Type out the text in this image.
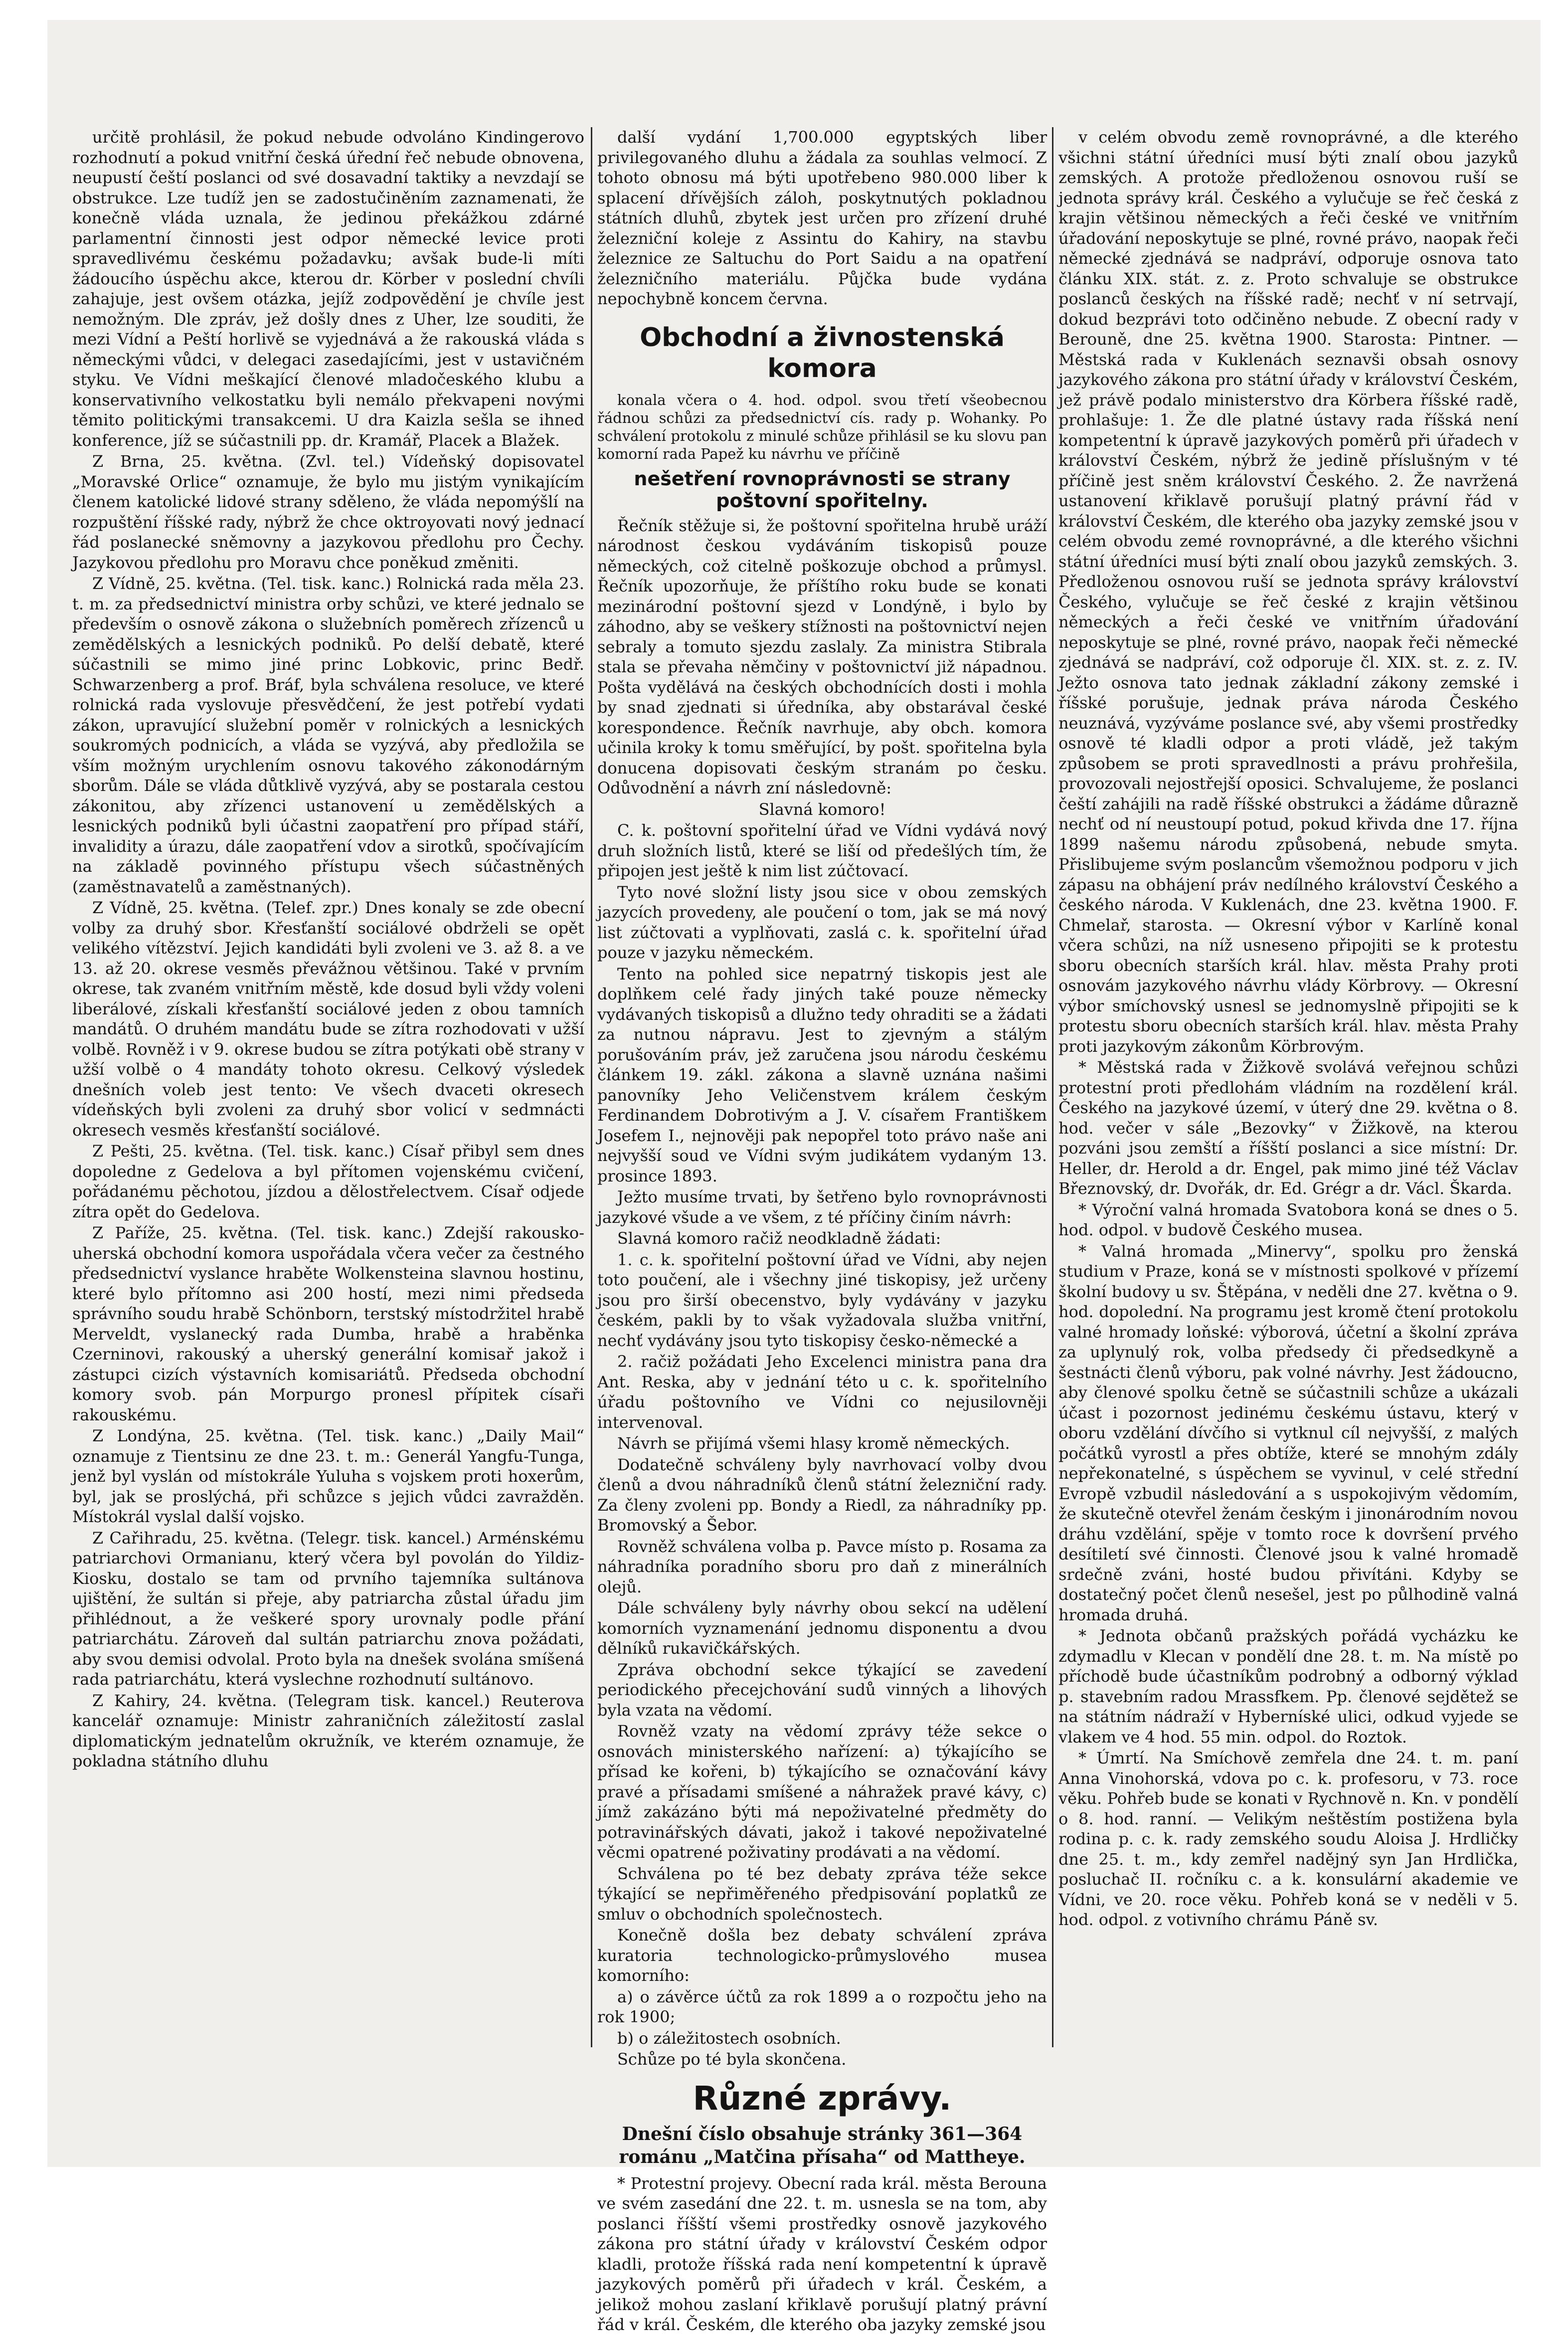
určitě prohlásil, že pokud nebude odvoláno Kindingerovo rozhodnutí a pokud vnitřní česká úřední řeč nebude obnovena, neupustí čeští poslanci od své dosavadní taktiky a nevzdají se obstrukce. Lze tudíž jen se zadostučiněním zaznamenati, že konečně vláda uznala, že jedinou překážkou zdárné parlamentní činnosti jest odpor německé levice proti spravedlivému českému požadavku; avšak bude-li míti žádoucího úspěchu akce, kterou dr. Körber v poslední chvíli zahajuje, jest ovšem otázka, jejíž zodpovědění je chvíle jest nemožným. Dle zpráv, jež došly dnes z Uher, lze souditi, že mezi Vídní a Peští horlivě se vyjednává a že rakouská vláda s německými vůdci, v delegaci zasedajícími, jest v ustavičném styku. Ve Vídni meškající členové mladočeského klubu a konservativního velkostatku byli nemálo překvapeni novými těmito politickými transakcemi. U dra Kaizla sešla se ihned konference, jíž se súčastnili pp. dr. Kramář, Placek a Blažek.

Z Brna, 25. května. (Zvl. tel.) Vídeňský dopisovatel „Moravské Orlice“ oznamuje, že bylo mu jistým vynikajícím členem katolické lidové strany sděleno, že vláda nepomýšlí na rozpuštění říšské rady, nýbrž že chce oktroyovati nový jednací řád poslanecké sněmovny a jazykovou předlohu pro Čechy. Jazykovou předlohu pro Moravu chce poněkud změniti.

Z Vídně, 25. května. (Tel. tisk. kanc.) Rolnická rada měla 23. t. m. za předsednictví ministra orby schůzi, ve které jednalo se především o osnově zákona o služebních poměrech zřízenců u zemědělských a lesnických podniků. Po delší debatě, které súčastnili se mimo jiné princ Lobkovic, princ Bedř. Schwarzenberg a prof. Bráf, byla schválena resoluce, ve které rolnická rada vyslovuje přesvědčení, že jest potřebí vydati zákon, upravující služební poměr v rolnických a lesnických soukromých podnicích, a vláda se vyzývá, aby předložila se vším možným urychlením osnovu takového zákonodárným sborům. Dále se vláda důtklivě vyzývá, aby se postarala cestou zákonitou, aby zřízenci ustanovení u zemědělských a lesnických podniků byli účastni zaopatření pro případ stáří, invalidity a úrazu, dále zaopatření vdov a sirotků, spočívajícím na základě povinného přístupu všech súčastněných (zaměstnavatelů a zaměstnaných).

Z Vídně, 25. května. (Telef. zpr.) Dnes konaly se zde obecní volby za druhý sbor. Křesťanští sociálové obdrželi se opět velikého vítězství. Jejich kandidáti byli zvoleni ve 3. až 8. a ve 13. až 20. okrese vesměs převážnou většinou. Také v prvním okrese, tak zvaném vnitřním městě, kde dosud byli vždy voleni liberálové, získali křesťanští sociálové jeden z obou tamních mandátů. O druhém mandátu bude se zítra rozhodovati v užší volbě. Rovněž i v 9. okrese budou se zítra potýkati obě strany v užší volbě o 4 mandáty tohoto okresu. Celkový výsledek dnešních voleb jest tento: Ve všech dvaceti okresech vídeňských byli zvoleni za druhý sbor volicí v sedmnácti okresech vesměs křesťanští sociálové.

Z Pešti, 25. května. (Tel. tisk. kanc.) Císař přibyl sem dnes dopoledne z Gedelova a byl přítomen vojenskému cvičení, pořádanému pěchotou, jízdou a dělostřelectvem. Císař odjede zítra opět do Gedelova.

Z Paříže, 25. května. (Tel. tisk. kanc.) Zdejší rakousko-uherská obchodní komora uspořádala včera večer za čestného předsednictví vyslance hraběte Wolkensteina slavnou hostinu, které bylo přítomno asi 200 hostí, mezi nimi předseda správního soudu hrabě Schönborn, terstský místodržitel hrabě Merveldt, vyslanecký rada Dumba, hrabě a hraběnka Czerninovi, rakouský a uherský generální komisař jakož i zástupci cizích výstavních komisariátů. Předseda obchodní komory svob. pán Morpurgo pronesl přípitek císaři rakouskému.

Z Londýna, 25. května. (Tel. tisk. kanc.) „Daily Mail“ oznamuje z Tientsinu ze dne 23. t. m.: Generál Yangfu-Tunga, jenž byl vyslán od místokrále Yuluha s vojskem proti hoxerům, byl, jak se proslýchá, při schůzce s jejich vůdci zavražděn. Místokrál vyslal další vojsko.

Z Cařihradu, 25. května. (Telegr. tisk. kancel.) Arménskému patriarchovi Ormanianu, který včera byl povolán do Yildiz-Kiosku, dostalo se tam od prvního tajemníka sultánova ujištění, že sultán si přeje, aby patriarcha zůstal úřadu jim přihlédnout, a že veškeré spory urovnaly podle přání patriarchátu. Zároveň dal sultán patriarchu znova požádati, aby svou demisi odvolal. Proto byla na dnešek svolána smíšená rada patriarchátu, která vyslechne rozhodnutí sultánovo.

Z Kahiry, 24. května. (Telegram tisk. kancel.) Reuterova kancelář oznamuje: Ministr zahraničních záležitostí zaslal diplomatickým jednatelům okružník, ve kterém oznamuje, že pokladna státního dluhu

další vydání 1,700.000 egyptských liber privilegovaného dluhu a žádala za souhlas velmocí. Z tohoto obnosu má býti upotřebeno 980.000 liber k splacení dřívějších záloh, poskytnutých pokladnou státních dluhů, zbytek jest určen pro zřízení druhé železniční koleje z Assintu do Kahiry, na stavbu železnice ze Saltuchu do Port Saidu a na opatření železničního materiálu. Půjčka bude vydána nepochybně koncem června.

Obchodní a živnostenská komora

konala včera o 4. hod. odpol. svou třetí všeobecnou řádnou schůzi za předsednictví cís. rady p. Wohanky. Po schválení protokolu z minulé schůze přihlásil se ku slovu pan komorní rada Papež ku návrhu ve příčině

nešetření rovnoprávnosti se strany poštovní spořitelny.

Řečník stěžuje si, že poštovní spořitelna hrubě uráží národnost českou vydáváním tiskopisů pouze německých, což citelně poškozuje obchod a průmysl. Řečník upozorňuje, že příštího roku bude se konati mezinárodní poštovní sjezd v Londýně, i bylo by záhodno, aby se veškery stížnosti na poštovnictví nejen sebraly a tomuto sjezdu zaslaly. Za ministra Stibrala stala se převaha němčiny v poštovnictví již nápadnou. Pošta vydělává na českých obchodnících dosti i mohla by snad zjednati si úředníka, aby obstarával české korespondence. Řečník navrhuje, aby obch. komora učinila kroky k tomu směřující, by pošt. spořitelna byla donucena dopisovati českým stranám po česku. Odůvodnění a návrh zní následovně:

Slavná komoro!

C. k. poštovní spořitelní úřad ve Vídni vydává nový druh složních listů, které se liší od předešlých tím, že připojen jest ještě k nim list zúčtovací.

Tyto nové složní listy jsou sice v obou zemských jazycích provedeny, ale poučení o tom, jak se má nový list zúčtovati a vyplňovati, zaslá c. k. spořitelní úřad pouze v jazyku německém.

Tento na pohled sice nepatrný tiskopis jest ale doplňkem celé řady jiných také pouze německy vydávaných tiskopisů a dlužno tedy ohraditi se a žádati za nutnou nápravu. Jest to zjevným a stálým porušováním práv, jež zaručena jsou národu českému článkem 19. zákl. zákona a slavně uznána našimi panovníky Jeho Veličenstvem králem českým Ferdinandem Dobrotivým a J. V. císařem Františkem Josefem I., nejnověji pak nepopřel toto právo naše ani nejvyšší soud ve Vídni svým judikátem vydaným 13. prosince 1893.

Ježto musíme trvati, by šetřeno bylo rovnoprávnosti jazykové všude a ve všem, z té příčiny činím návrh:

Slavná komoro račiž neodkladně žádati:

1. c. k. spořitelní poštovní úřad ve Vídni, aby nejen toto poučení, ale i všechny jiné tiskopisy, jež určeny jsou pro širší obecenstvo, byly vydávány v jazyku českém, pakli by to však vyžadovala služba vnitřní, nechť vydávány jsou tyto tiskopisy česko-německé a

2. račiž požádati Jeho Excelenci ministra pana dra Ant. Reska, aby v jednání této u c. k. spořitelního úřadu poštovního ve Vídni co nejusilovněji intervenoval.

Návrh se přijímá všemi hlasy kromě německých.

Dodatečně schváleny byly navrhovací volby dvou členů a dvou náhradníků členů státní železniční rady. Za členy zvoleni pp. Bondy a Riedl, za náhradníky pp. Bromovský a Šebor.

Rovněž schválena volba p. Pavce místo p. Rosama za náhradníka poradního sboru pro daň z minerálních olejů.

Dále schváleny byly návrhy obou sekcí na udělení komorních vyznamenání jednomu disponentu a dvou dělníků rukavičkářských.

Zpráva obchodní sekce týkající se zavedení periodického přecejchování sudů vinných a lihových byla vzata na vědomí.

Rovněž vzaty na vědomí zprávy téže sekce o osnovách ministerského nařízení: a) týkajícího se přísad ke kořeni, b) týkajícího se označování kávy pravé a přísadami smíšené a náhražek pravé kávy, c) jímž zakázáno býti má nepoživatelné předměty do potravinářských dávati, jakož i takové nepoživatelné věcmi opatrené poživatiny prodávati a na vědomí.

Schválena po té bez debaty zpráva téže sekce týkající se nepřiměřeného předpisování poplatků ze smluv o obchodních společnostech.

Konečně došla bez debaty schválení zpráva kuratoria technologicko-průmyslového musea komorního:

a) o závěrce účtů za rok 1899 a o rozpočtu jeho na rok 1900;

b) o záležitostech osobních.

Schůze po té byla skončena.

Různé zprávy.
Dnešní číslo obsahuje stránky 361—364 románu „Matčina přísaha“ od Mattheye.

* Protestní projevy. Obecní rada král. města Berouna ve svém zasedání dne 22. t. m. usnesla se na tom, aby poslanci říšští všemi prostředky osnově jazykového zákona pro státní úřady v království Českém odpor kladli, protože říšská rada není kompetentní k úpravě jazykových poměrů při úřadech v král. Českém, a jelikož mohou zaslaní křiklavě porušují platný právní řád v král. Českém, dle kterého oba jazyky zemské jsou

v celém obvodu země rovnoprávné, a dle kterého všichni státní úředníci musí býti znalí obou jazyků zemských. A protože předloženou osnovou ruší se jednota správy král. Českého a vylučuje se řeč česká z krajin většinou německých a řeči české ve vnitřním úřadování neposkytuje se plné, rovné právo, naopak řeči německé zjednává se nadpráví, odporuje osnova tato článku XIX. stát. z. z. Proto schvaluje se obstrukce poslanců českých na říšské radě; nechť v ní setrvají, dokud bezprávi toto odčiněno nebude. Z obecní rady v Berouně, dne 25. května 1900. Starosta: Pintner. — Městská rada v Kuklenách seznavši obsah osnovy jazykového zákona pro státní úřady v království Českém, jež právě podalo ministerstvo dra Körbera říšské radě, prohlašuje: 1. Že dle platné ústavy rada říšská není kompetentní k úpravě jazykových poměrů při úřadech v království Českém, nýbrž že jedině příslušným v té příčině jest sněm království Českého. 2. Že navržená ustanovení křiklavě porušují platný právní řád v království Českém, dle kterého oba jazyky zemské jsou v celém obvodu zemé rovnoprávné, a dle kterého všichni státní úředníci musí býti znalí obou jazyků zemských. 3. Předloženou osnovou ruší se jednota správy království Českého, vylučuje se řeč české z krajin většinou německých a řeči české ve vnitřním úřadování neposkytuje se plné, rovné právo, naopak řeči německé zjednává se nadpráví, což odporuje čl. XIX. st. z. z. IV. Ježto osnova tato jednak základní zákony zemské i říšské porušuje, jednak práva národa Českého neuznává, vyzýváme poslance své, aby všemi prostředky osnově té kladli odpor a proti vládě, jež takým způsobem se proti spravedlnosti a právu prohřešila, provozovali nejostřejší oposici. Schvalujeme, že poslanci čeští zahájili na radě říšské obstrukci a žádáme důrazně nechť od ní neustoupí potud, pokud křivda dne 17. října 1899 našemu národu způsobená, nebude smyta. Přislibujeme svým poslancům všemožnou podporu v jich zápasu na obhájení práv nedílného království Českého a českého národa. V Kuklenách, dne 23. května 1900. F. Chmelař, starosta. — Okresní výbor v Karlíně konal včera schůzi, na níž usneseno připojiti se k protestu sboru obecních starších král. hlav. města Prahy proti osnovám jazykového návrhu vlády Körbrovy. — Okresní výbor smíchovský usnesl se jednomyslně připojiti se k protestu sboru obecních starších král. hlav. města Prahy proti jazykovým zákonům Körbrovým.

* Městská rada v Žižkově svolává veřejnou schůzi protestní proti předlohám vládním na rozdělení král. Českého na jazykové území, v úterý dne 29. května o 8. hod. večer v sále „Bezovky“ v Žižkově, na kterou pozváni jsou zemští a říšští poslanci a sice místní: Dr. Heller, dr. Herold a dr. Engel, pak mimo jiné též Václav Březnovský, dr. Dvořák, dr. Ed. Grégr a dr. Václ. Škarda.

* Výroční valná hromada Svatobora koná se dnes o 5. hod. odpol. v budově Českého musea.

* Valná hromada „Minervy“, spolku pro ženská studium v Praze, koná se v místnosti spolkové v přízemí školní budovy u sv. Štěpána, v neděli dne 27. května o 9. hod. dopolední. Na programu jest kromě čtení protokolu valné hromady loňské: výborová, účetní a školní zpráva za uplynulý rok, volba předsedy či předsedkyně a šestnácti členů výboru, pak volné návrhy. Jest žádoucno, aby členové spolku četně se súčastnili schůze a ukázali účast i pozornost jedinému českému ústavu, který v oboru vzdělání dívčího si vytknul cíl nejvyšší, z malých počátků vyrostl a přes obtíže, které se mnohým zdály nepřekonatelné, s úspěchem se vyvinul, v celé střední Evropě vzbudil následování a s uspokojivým vědomím, že skutečně otevřel ženám českým i jinonárodním novou dráhu vzdělání, spěje v tomto roce k dovršení prvého desítiletí své činnosti. Členové jsou k valné hromadě srdečně zváni, hosté budou přivítáni. Kdyby se dostatečný počet členů nesešel, jest po půlhodině valná hromada druhá.

* Jednota občanů pražských pořádá vycházku ke zdymadlu v Klecan v pondělí dne 28. t. m. Na místě po příchodě bude účastníkům podrobný a odborný výklad p. stavebním radou Mrassfkem. Pp. členové sejdětež se na státním nádraží v Hyberníské ulici, odkud vyjede se vlakem ve 4 hod. 55 min. odpol. do Roztok.

* Úmrtí. Na Smíchově zemřela dne 24. t. m. paní Anna Vinohorská, vdova po c. k. profesoru, v 73. roce věku. Pohřeb bude se konati v Rychnově n. Kn. v pondělí o 8. hod. ranní. — Velikým neštěstím postižena byla rodina p. c. k. rady zemského soudu Aloisa J. Hrdličky dne 25. t. m., kdy zemřel nadějný syn Jan Hrdlička, posluchač II. ročníku c. a k. konsulární akademie ve Vídni, ve 20. roce věku. Pohřeb koná se v neděli v 5. hod. odpol. z votivního chrámu Páně sv.
